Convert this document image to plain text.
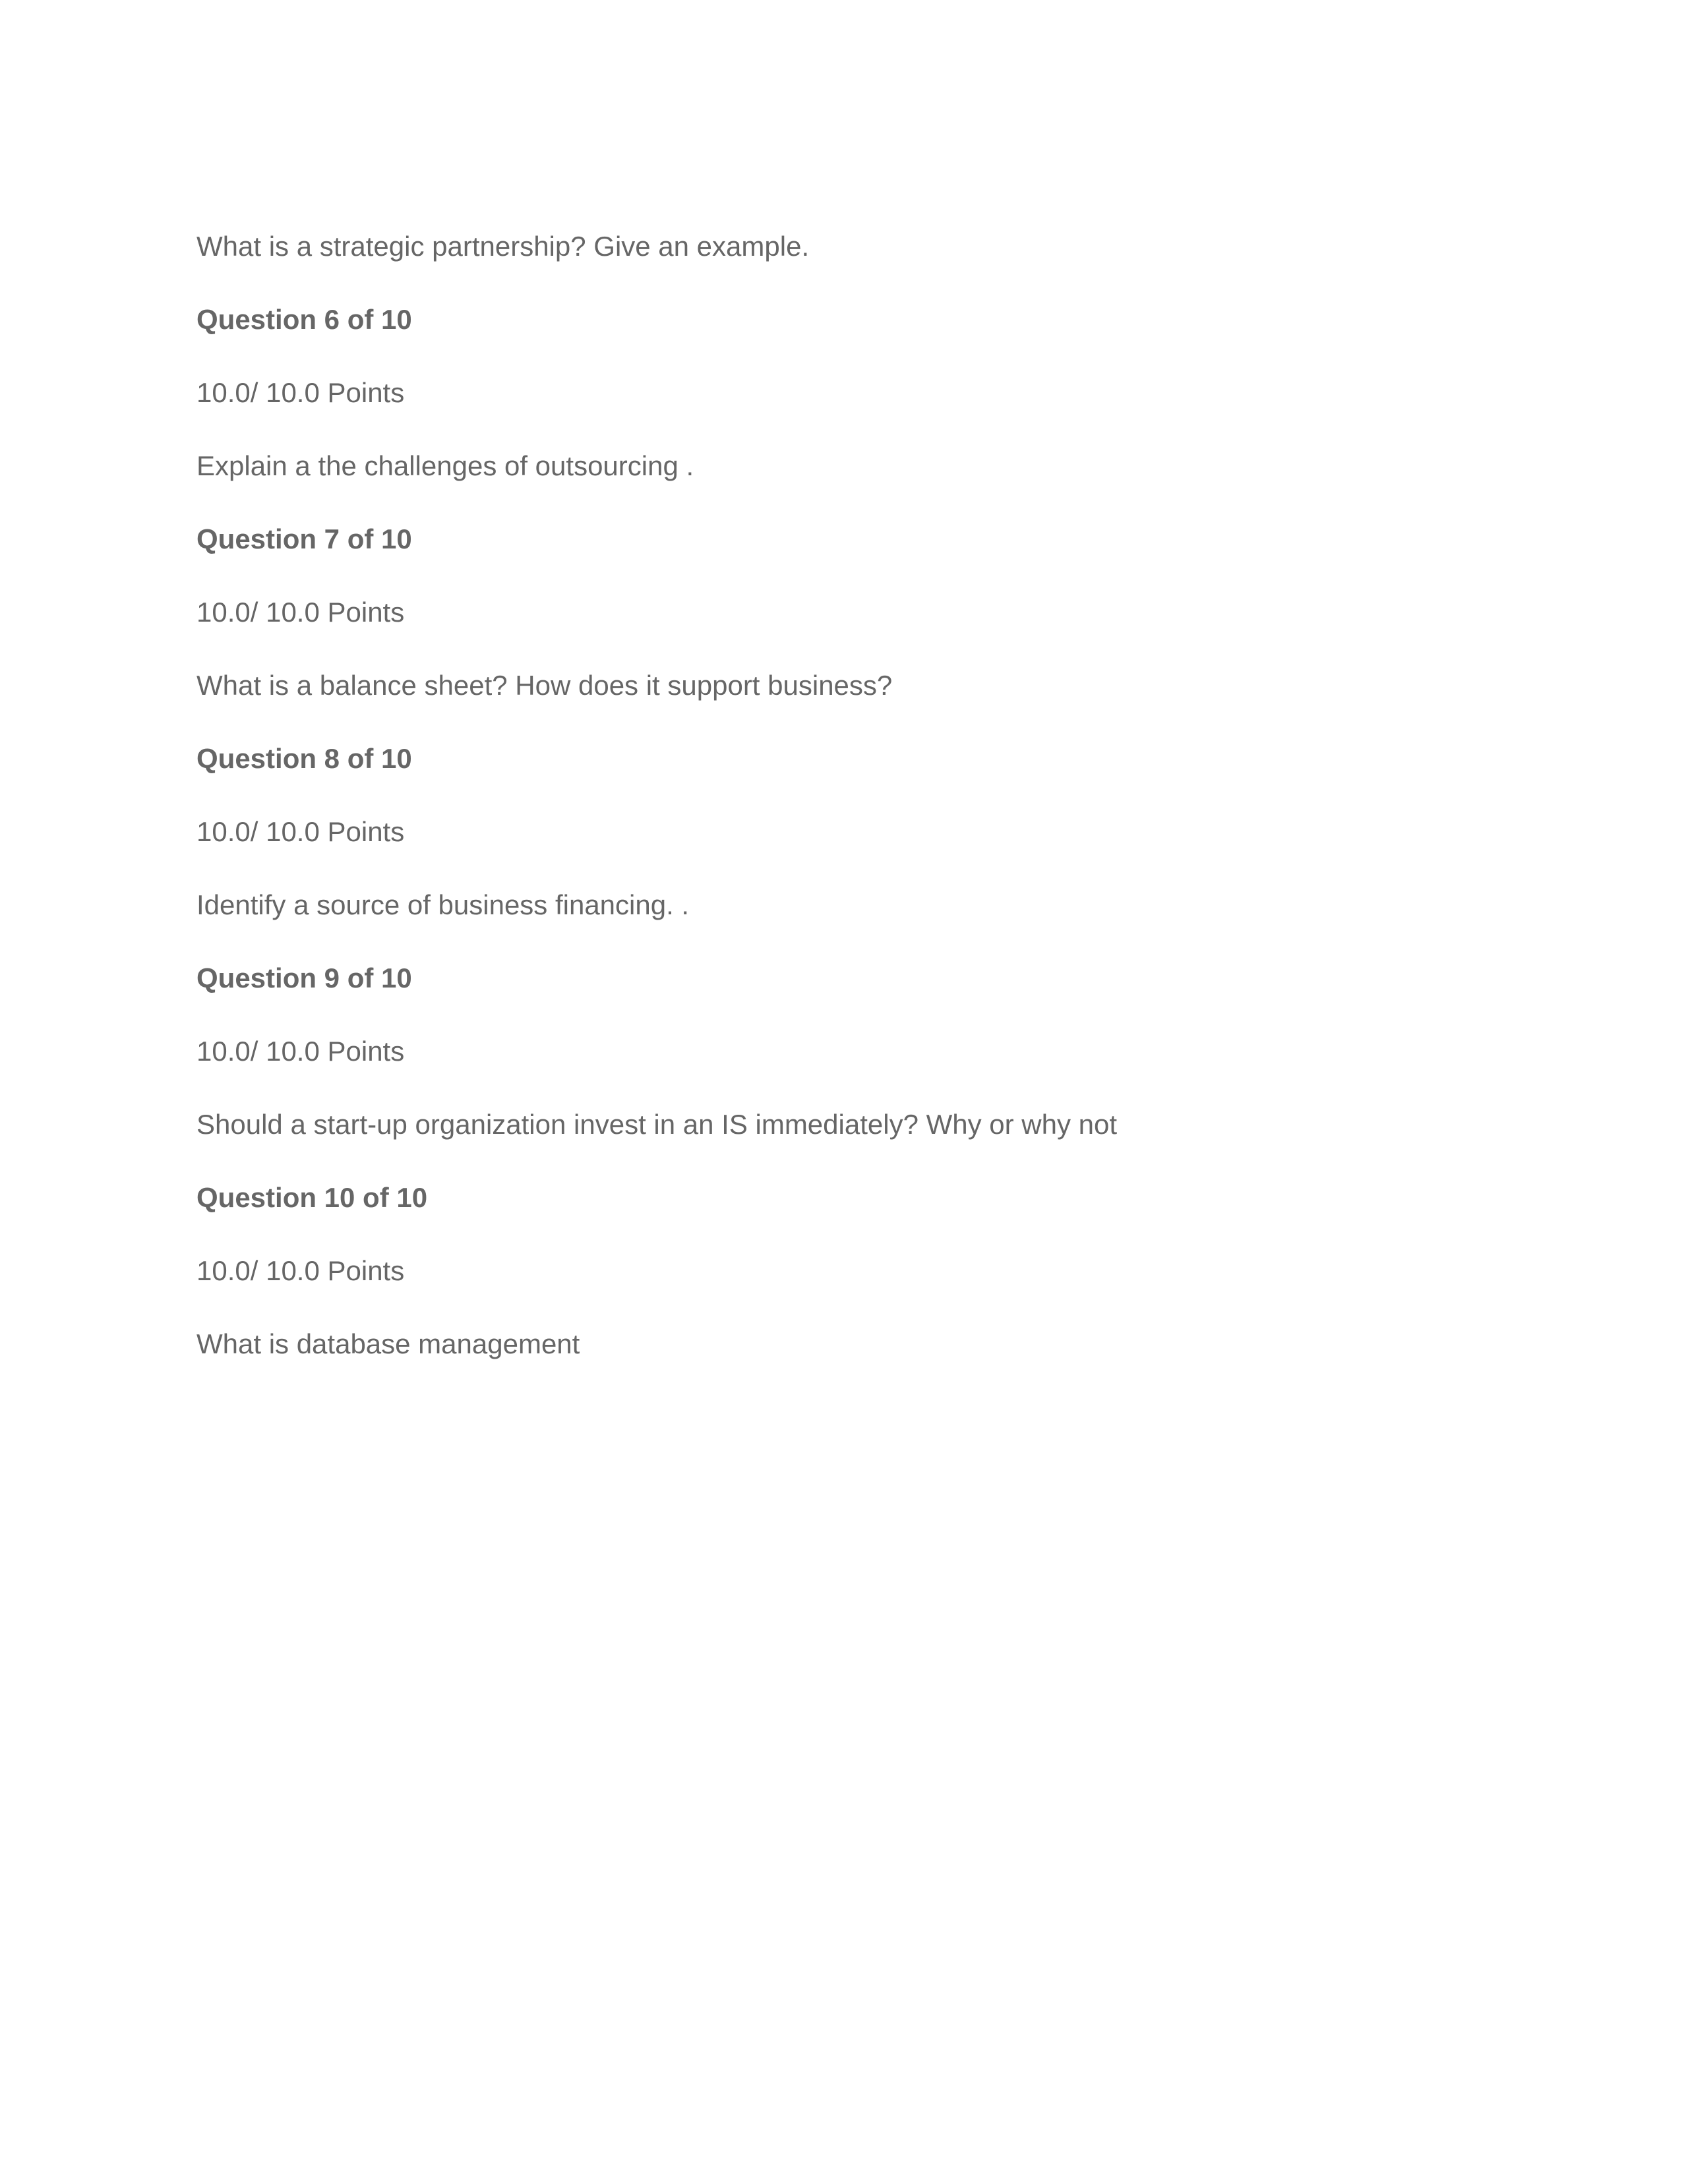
What is a strategic partnership? Give an example.
Question 6 of 10
10.0/ 10.0 Points
Explain a the challenges of outsourcing .
Question 7 of 10
10.0/ 10.0 Points
What is a balance sheet? How does it support business?
Question 8 of 10
10.0/ 10.0 Points
Identify a source of business financing. .
Question 9 of 10
10.0/ 10.0 Points
Should a start-up organization invest in an IS immediately? Why or why not
Question 10 of 10
10.0/ 10.0 Points
What is database management
